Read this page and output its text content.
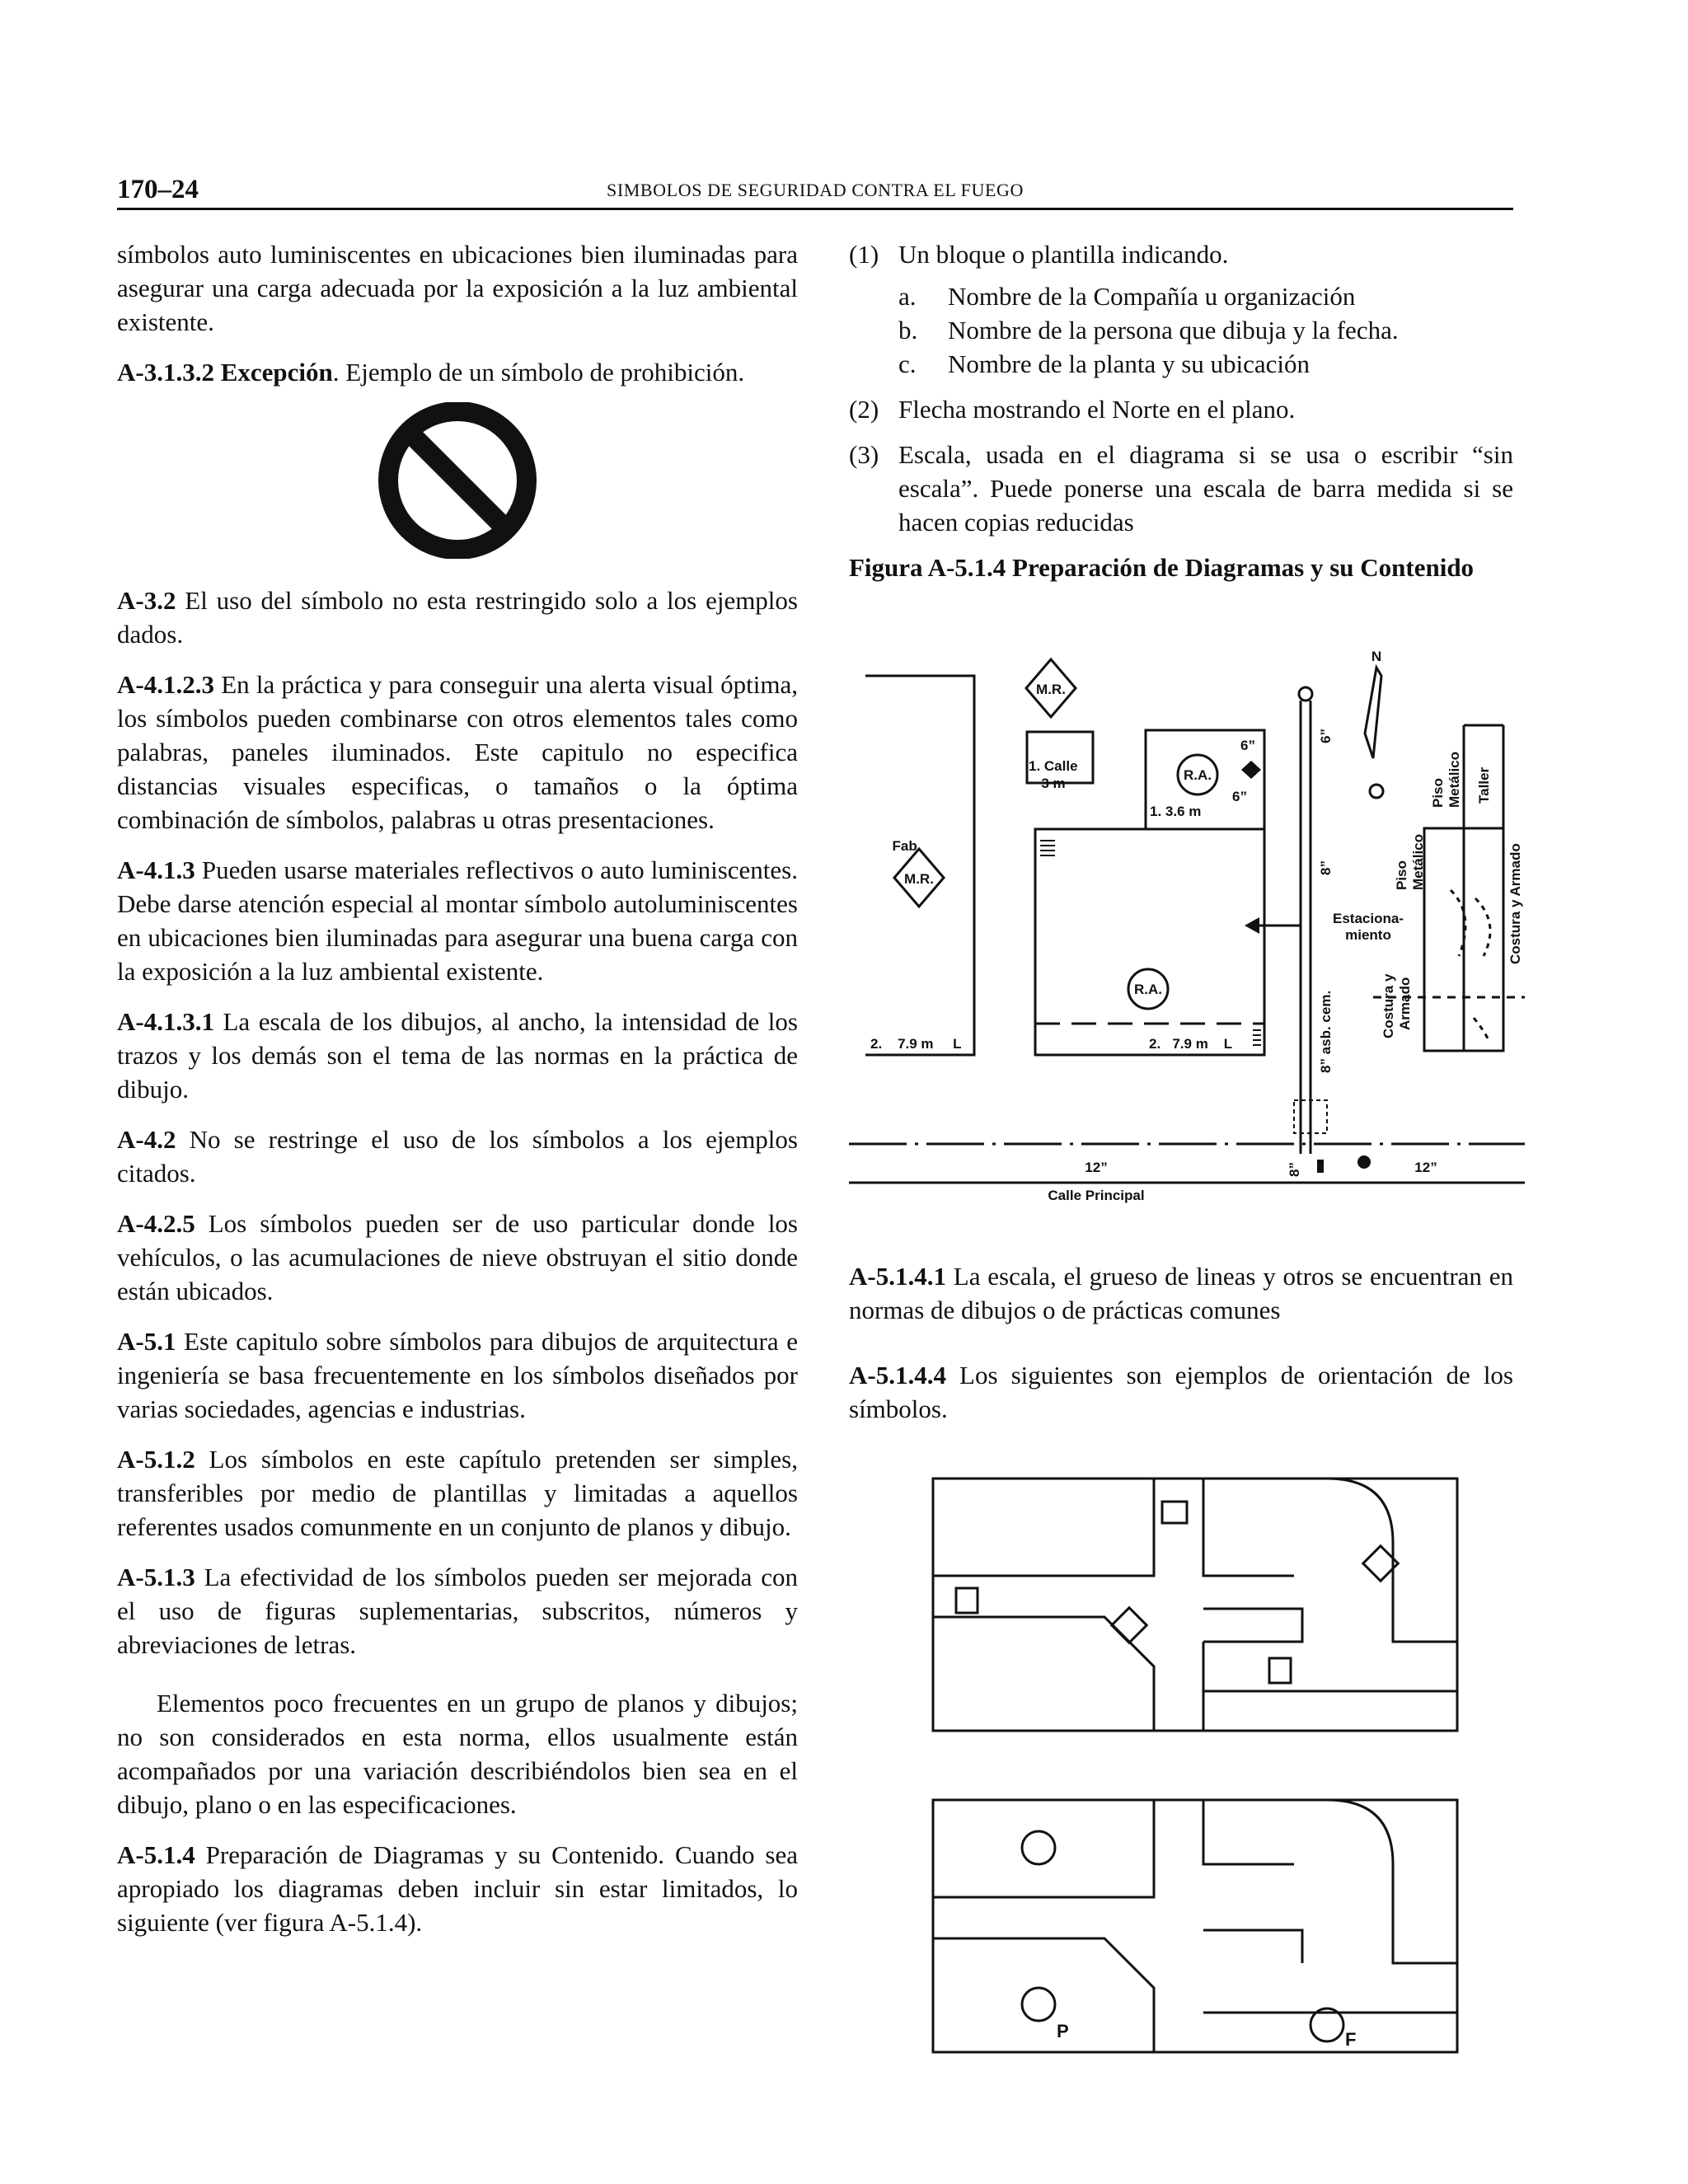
170–24	SIMBOLOS DE SEGURIDAD CONTRA EL FUEGO

símbolos auto luminiscentes en ubicaciones bien iluminadas para asegurar una carga adecuada por la exposición a la luz ambiental existente.

A-3.1.3.2 Excepción. Ejemplo de un símbolo de prohibición.

A-3.2 El uso del símbolo no esta restringido solo a los ejemplos dados.

A-4.1.2.3 En la práctica y para conseguir una alerta visual óptima, los símbolos pueden combinarse con otros elementos tales como palabras, paneles iluminados. Este capitulo no especifica distancias visuales especificas, o tamaños o la óptima combinación de símbolos, palabras u otras presentaciones.

A-4.1.3 Pueden usarse materiales reflectivos o auto luminiscentes. Debe darse atención especial al montar símbolo autoluminiscentes en ubicaciones bien iluminadas para asegurar una buena carga con la exposición a la luz ambiental existente.

A-4.1.3.1 La escala de los dibujos, al ancho, la intensidad de los trazos y los demás son el tema de las normas en la práctica de dibujo.

A-4.2 No se restringe el uso de los símbolos a los ejemplos citados.

A-4.2.5 Los símbolos pueden ser de uso particular donde los vehículos, o las acumulaciones de nieve obstruyan el sitio donde están ubicados.

A-5.1 Este capitulo sobre símbolos para dibujos de arquitectura e ingeniería se basa frecuentemente en los símbolos diseñados por varias sociedades, agencias e industrias.

A-5.1.2 Los símbolos en este capítulo pretenden ser simples, transferibles por medio de plantillas y limitadas a aquellos referentes usados comunmente en un conjunto de planos y dibujo.

A-5.1.3 La efectividad de los símbolos pueden ser mejorada con el uso de figuras suplementarias, subscritos, números y abreviaciones de letras.

Elementos poco frecuentes en un grupo de planos y dibujos; no son considerados en esta norma, ellos usualmente están acompañados por una variación describiéndolos bien sea en el dibujo, plano o en las especificaciones.

A-5.1.4 Preparación de Diagramas y su Contenido. Cuando sea apropiado los diagramas deben incluir sin estar limitados, lo siguiente (ver figura A-5.1.4).

(1) Un bloque o plantilla indicando.
a. Nombre de la Compañía u organización
b. Nombre de la persona que dibuja y la fecha.
c. Nombre de la planta y su ubicación
(2) Flecha mostrando el Norte en el plano.
(3) Escala, usada en el diagrama si se usa o escribir “sin escala”. Puede ponerse una escala de barra medida si se hacen copias reducidas

Figura A-5.1.4 Preparación de Diagramas y su Contenido

N
M.R.
1. Calle
3 m
R.A.
6”
6”
6”
1. 3.6 m
Fab.
M.R.
8”
Estaciona-
miento
Piso Metálico Taller
Piso Metálico	Costura y Armado
Costura y Armado
R.A.
8” asb. cem.
2.    7.9 m     L	2.   7.9 m    L
12”	8”	12”
Calle Principal

A-5.1.4.1 La escala, el grueso de lineas y otros se encuentran en normas de dibujos o de prácticas comunes

A-5.1.4.4 Los siguientes son ejemplos de orientación de los símbolos.

P	F
